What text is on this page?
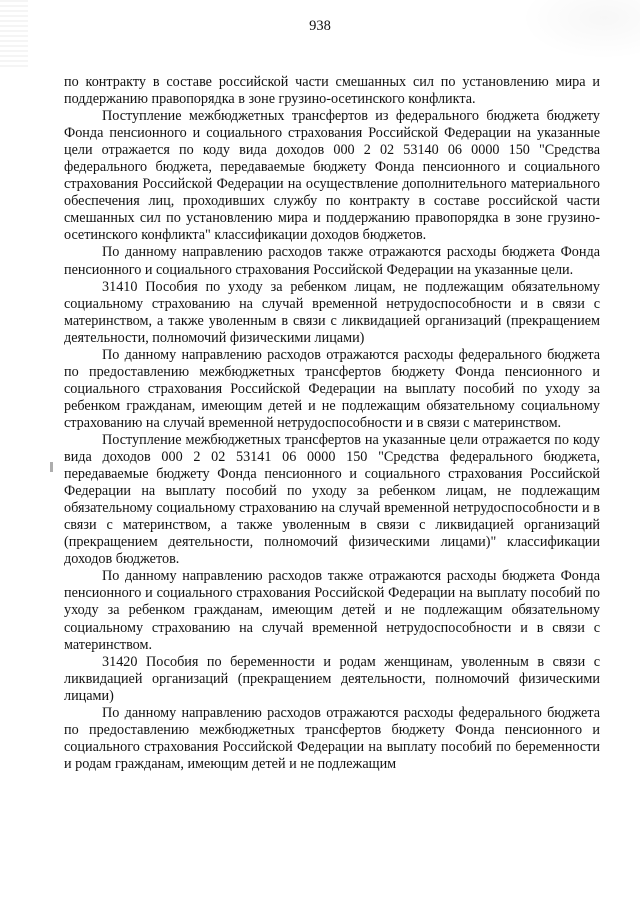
938

по контракту в составе российской части смешанных сил по установлению мира и поддержанию правопорядка в зоне грузино-осетинского конфликта.

Поступление межбюджетных трансфертов из федерального бюджета бюджету Фонда пенсионного и социального страхования Российской Федерации на указанные цели отражается по коду вида доходов 000 2 02 53140 06 0000 150 "Средства федерального бюджета, передаваемые бюджету Фонда пенсионного и социального страхования Российской Федерации на осуществление дополнительного материального обеспечения лиц, проходивших службу по контракту в составе российской части смешанных сил по установлению мира и поддержанию правопорядка в зоне грузино-осетинского конфликта" классификации доходов бюджетов.

По данному направлению расходов также отражаются расходы бюджета Фонда пенсионного и социального страхования Российской Федерации на указанные цели.

31410 Пособия по уходу за ребенком лицам, не подлежащим обязательному социальному страхованию на случай временной нетрудоспособности и в связи с материнством, а также уволенным в связи с ликвидацией организаций (прекращением деятельности, полномочий физическими лицами)

По данному направлению расходов отражаются расходы федерального бюджета по предоставлению межбюджетных трансфертов бюджету Фонда пенсионного и социального страхования Российской Федерации на выплату пособий по уходу за ребенком гражданам, имеющим детей и не подлежащим обязательному социальному страхованию на случай временной нетрудоспособности и в связи с материнством.

Поступление межбюджетных трансфертов на указанные цели отражается по коду вида доходов 000 2 02 53141 06 0000 150 "Средства федерального бюджета, передаваемые бюджету Фонда пенсионного и социального страхования Российской Федерации на выплату пособий по уходу за ребенком лицам, не подлежащим обязательному социальному страхованию на случай временной нетрудоспособности и в связи с материнством, а также уволенным в связи с ликвидацией организаций (прекращением деятельности, полномочий физическими лицами)" классификации доходов бюджетов.

По данному направлению расходов также отражаются расходы бюджета Фонда пенсионного и социального страхования Российской Федерации на выплату пособий по уходу за ребенком гражданам, имеющим детей и не подлежащим обязательному социальному страхованию на случай временной нетрудоспособности и в связи с материнством.

31420 Пособия по беременности и родам женщинам, уволенным в связи с ликвидацией организаций (прекращением деятельности, полномочий физическими лицами)

По данному направлению расходов отражаются расходы федерального бюджета по предоставлению межбюджетных трансфертов бюджету Фонда пенсионного и социального страхования Российской Федерации на выплату пособий по беременности и родам гражданам, имеющим детей и не подлежащим
